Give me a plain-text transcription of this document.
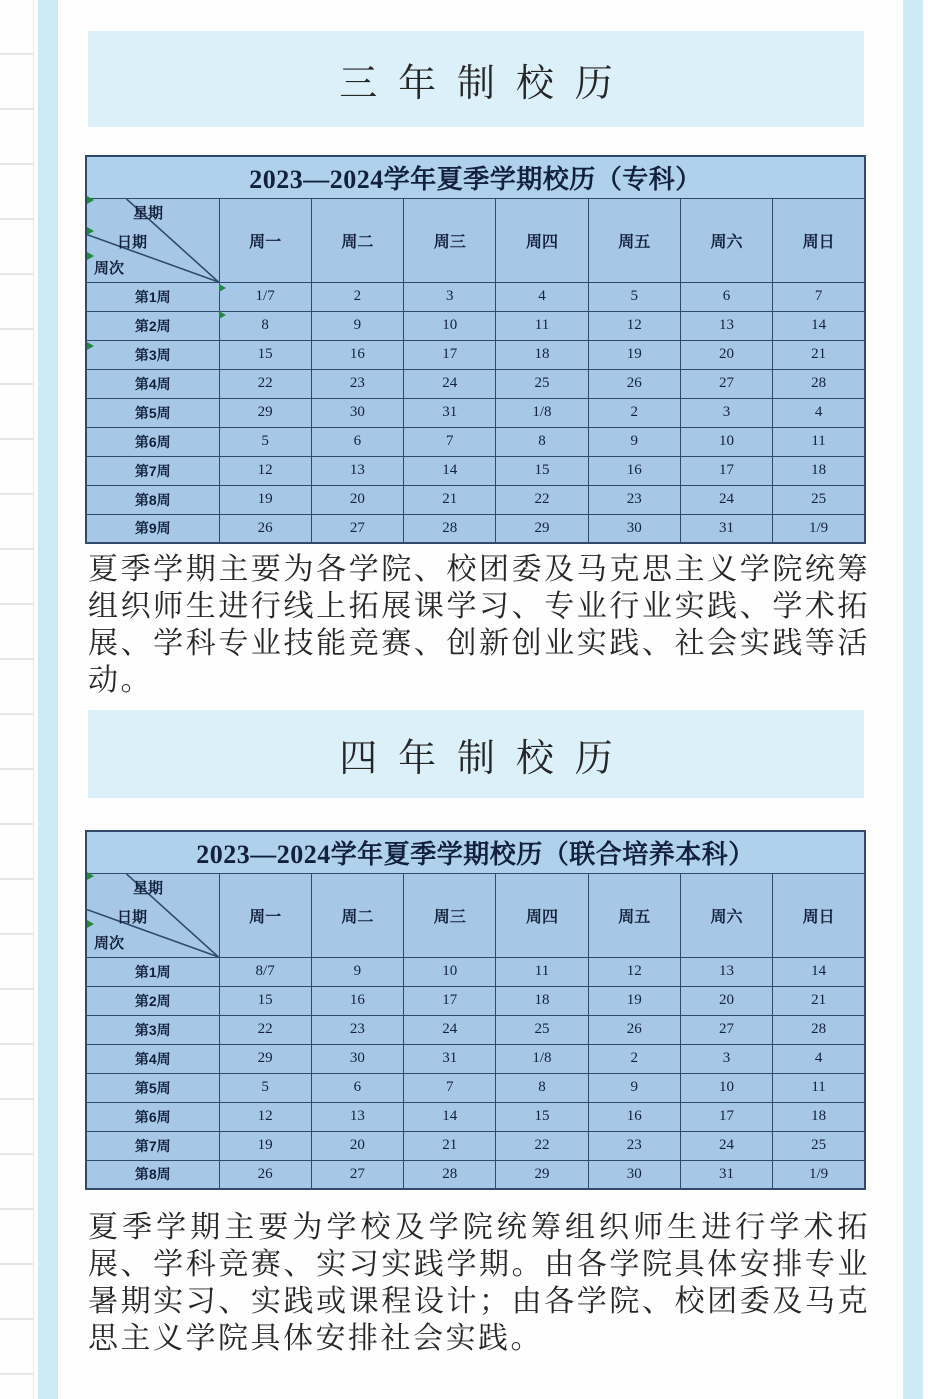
三年制校历
2023—2024学年夏季学期校历（专科）							

星期
日期
周次	周一	周二	周三	周四	周五	周六	周日
第1周	1/7	2	3	4	5	6	7
第2周	8	9	10	11	12	13	14
第3周	15	16	17	18	19	20	21
第4周	22	23	24	25	26	27	28
第5周	29	30	31	1/8	2	3	4
第6周	5	6	7	8	9	10	11
第7周	12	13	14	15	16	17	18
第8周	19	20	21	22	23	24	25
第9周	26	27	28	29	30	31	1/9
夏季学期主要为各学院、校团委及马克思主义学院统筹组织师生进行线上拓展课学习、专业行业实践、学术拓展、学科专业技能竞赛、创新创业实践、社会实践等活动。
四年制校历
2023—2024学年夏季学期校历（联合培养本科）							

星期
日期
周次	周一	周二	周三	周四	周五	周六	周日
第1周	8/7	9	10	11	12	13	14
第2周	15	16	17	18	19	20	21
第3周	22	23	24	25	26	27	28
第4周	29	30	31	1/8	2	3	4
第5周	5	6	7	8	9	10	11
第6周	12	13	14	15	16	17	18
第7周	19	20	21	22	23	24	25
第8周	26	27	28	29	30	31	1/9
夏季学期主要为学校及学院统筹组织师生进行学术拓展、学科竞赛、实习实践学期。由各学院具体安排专业暑期实习、实践或课程设计；由各学院、校团委及马克思主义学院具体安排社会实践。
